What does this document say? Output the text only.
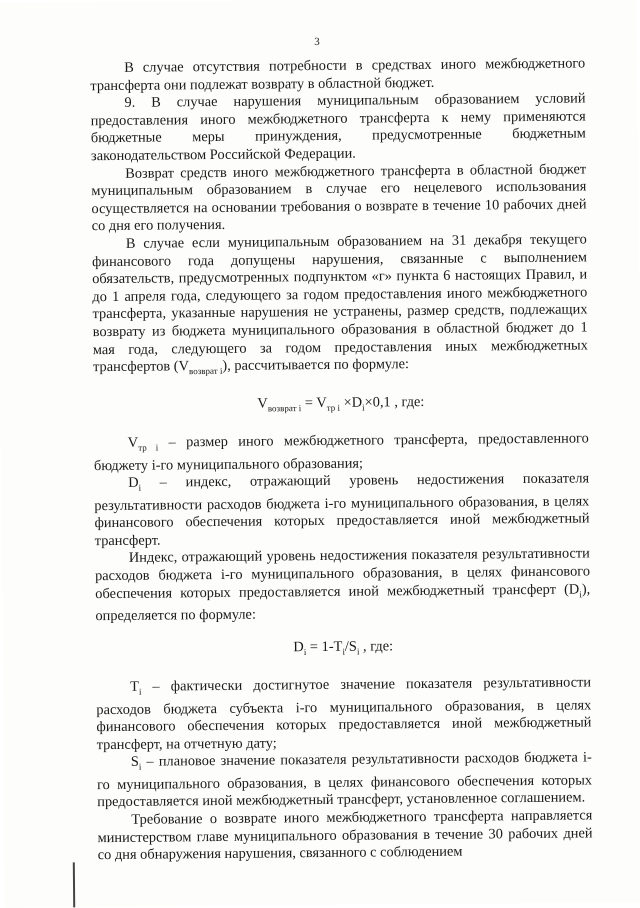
3

В случае отсутствия потребности в средствах иного межбюджетного трансферта они подлежат возврату в областной бюджет.

9. В случае нарушения муниципальным образованием условий предоставления иного межбюджетного трансферта к нему применяются бюджетные меры принуждения, предусмотренные бюджетным законодательством Российской Федерации.

Возврат средств иного межбюджетного трансферта в областной бюджет муниципальным образованием в случае его нецелевого использования осуществляется на основании требования о возврате в течение 10 рабочих дней со дня его получения.

В случае если муниципальным образованием на 31 декабря текущего финансового года допущены нарушения, связанные с выполнением обязательств, предусмотренных подпунктом «г» пункта 6 настоящих Правил, и до 1 апреля года, следующего за годом предоставления иного межбюджетного трансферта, указанные нарушения не устранены, размер средств, подлежащих возврату из бюджета муниципального образования в областной бюджет до 1 мая года, следующего за годом предоставления иных межбюджетных трансфертов $(V_{возврат i})$, рассчитывается по формуле:

$V_{возврат i} = V_{тр i} \times D_i\times 0,1$ , где:

$V_{тр i}$ – размер иного межбюджетного трансферта, предоставленного бюджету i-го муниципального образования;

$D_i$ – индекс, отражающий уровень недостижения показателя результативности расходов бюджета i-го муниципального образования, в целях финансового обеспечения которых предоставляется иной межбюджетный трансферт.

Индекс, отражающий уровень недостижения показателя результативности расходов бюджета i-го муниципального образования, в целях финансового обеспечения которых предоставляется иной межбюджетный трансферт $(D_i)$, определяется по формуле:

$D_i = 1-T_i/S_i$ , где:

$T_i$ – фактически достигнутое значение показателя результативности расходов бюджета субъекта i-го муниципального образования, в целях финансового обеспечения которых предоставляется иной межбюджетный трансферт, на отчетную дату;

$S_i$ – плановое значение показателя результативности расходов бюджета i-го муниципального образования, в целях финансового обеспечения которых предоставляется иной межбюджетный трансферт, установленное соглашением.

Требование о возврате иного межбюджетного трансферта направляется министерством главе муниципального образования в течение 30 рабочих дней со дня обнаружения нарушения, связанного с соблюдением
